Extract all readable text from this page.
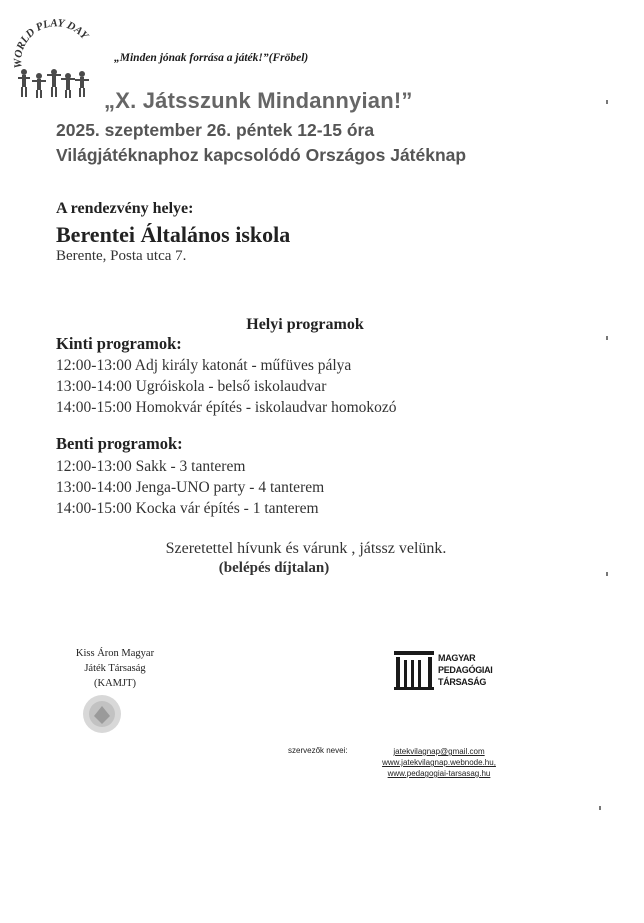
WORLD PLAY DAY
„Minden jónak forrása a játék!”(Fröbel)
„X. Játsszunk Mindannyian!”
2025. szeptember 26. péntek 12-15 óra
Világjáték​naphoz kapcsolódó Országos Játéknap
A rendezvény helye:
Berentei Általános iskola
Berente, Posta utca 7.
Helyi programok
Kinti programok:
12:00-13:00 Adj király katonát - műfüves pálya
13:00-14:00 Ugróiskola - belső iskolaudvar
14:00-15:00 Homokvár építés - iskolaudvar homokozó
Benti programok:
12:00-13:00 Sakk - 3 tanterem
13:00-14:00 Jenga-UNO party - 4 tanterem
14:00-15:00 Kocka vár építés - 1 tanterem
Szeretettel hívunk és várunk , játssz velünk.
(belépés díjtalan)
Kiss Áron Magyar
Játék Társaság
(KAMJT)
MAGYAR
PEDAGÓGIAI
TÁRSASÁG
szervezők nevei:	jatekvilagnap@gmail.com
www.jatekvilagnap.webnode.hu,
www.pedagogiai-tarsasag.hu
